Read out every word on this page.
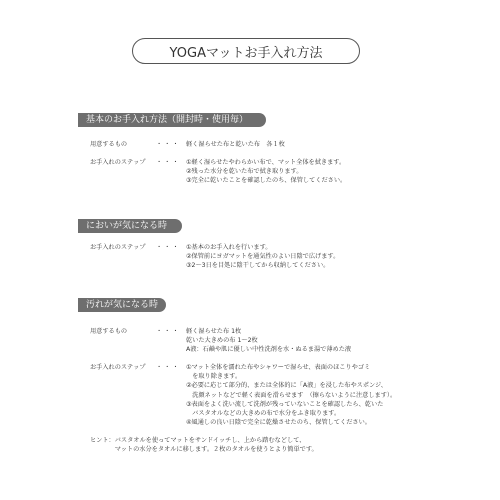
YOGAマットお手入れ方法
基本のお手入れ方法（開封時・使用毎）
用意するもの	・・・ 軽く湿らせた布と乾いた布　各１枚
お手入れのステップ	・・・ ①軽く湿らせたやわらかい布で、マット全体を拭きます。
②残った水分を乾いた布で拭き取ります。
③完全に乾いたことを確認したのち、保管してください。
においが気になる時
お手入れのステップ	・・・ ①基本のお手入れを行います。
②保管前にヨガマットを通気性のよい日陰で広げます。
③2～3日を目処に陰干してから収納してください。
汚れが気になる時
用意するもの	・・・ 軽く湿らせた布 1枚
乾いた大きめの布 1～2枚
A液：石鹸や肌に優しい中性洗剤を水・ぬるま湯で薄めた液
お手入れのステップ	・・・ ①マット全体を濡れた布やシャワーで湿らせ、表面のほこりやゴミ
　を取り除きます。
②必要に応じて部分的、または全体的に「A液」を浸した布やスポンジ、
　洗顔ネットなどで軽く表面を滑らせます　（擦らないように注意します）。
③表面をよく洗い流して洗剤が残っていないことを確認したら、乾いた
　バスタオルなどの大きめの布で水分をふき取ります。
④風通しの良い日陰で完全に乾燥させたのち、保管してください。
ヒント：バスタオルを使ってマットをサンドイッチし、上から踏むなどして、
　　　　マットの水分をタオルに移します。２枚のタオルを使うとより簡単です。
